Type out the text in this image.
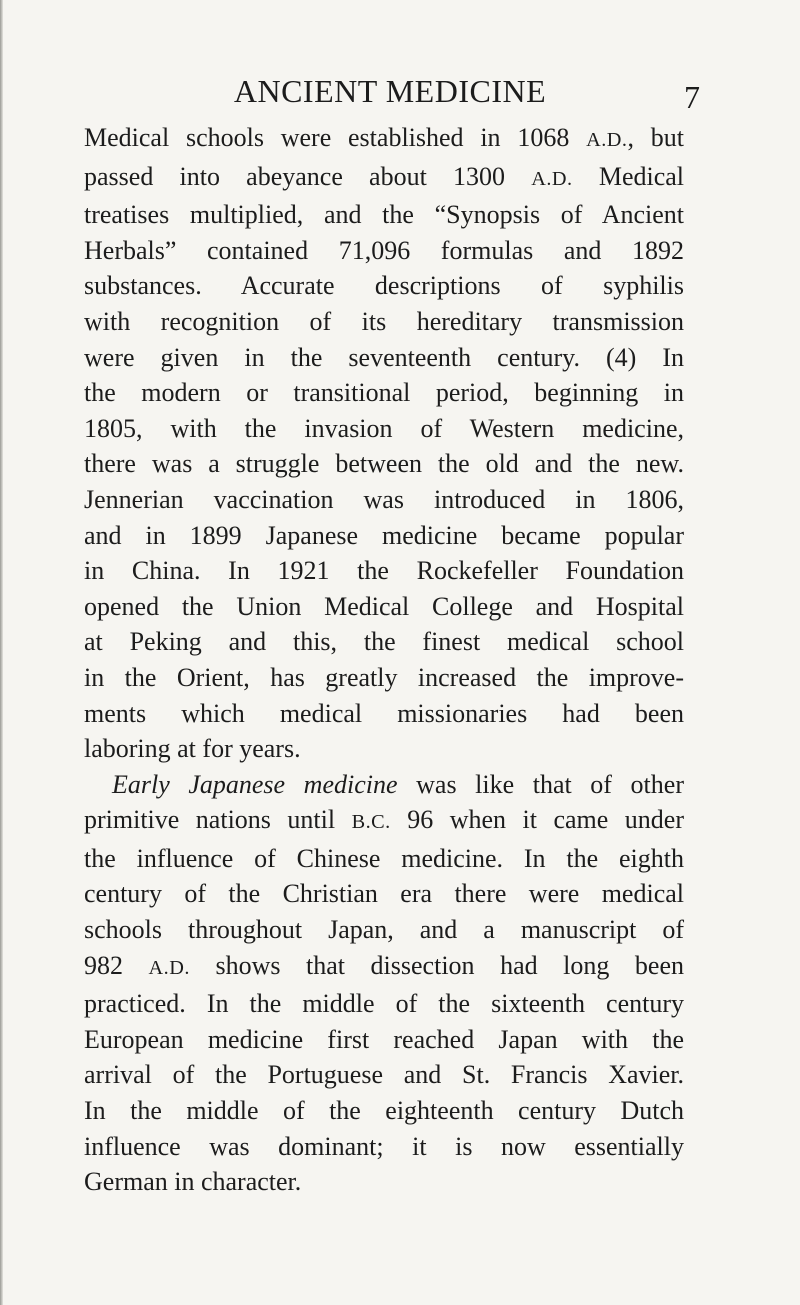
ANCIENT MEDICINE	7
Medical schools were established in 1068 A.D., but
passed into abeyance about 1300 A.D. Medical
treatises multiplied, and the “Synopsis of Ancient
Herbals” contained 71,096 formulas and 1892
substances. Accurate descriptions of syphilis
with recognition of its hereditary transmission
were given in the seventeenth century. (4) In
the modern or transitional period, beginning in
1805, with the invasion of Western medicine,
there was a struggle between the old and the new.
Jennerian vaccination was introduced in 1806,
and in 1899 Japanese medicine became popular
in China. In 1921 the Rockefeller Foundation
opened the Union Medical College and Hospital
at Peking and this, the finest medical school
in the Orient, has greatly increased the improve-
ments which medical missionaries had been
laboring at for years.
Early Japanese medicine was like that of other
primitive nations until B.C. 96 when it came under
the influence of Chinese medicine. In the eighth
century of the Christian era there were medical
schools throughout Japan, and a manuscript of
982 A.D. shows that dissection had long been
practiced. In the middle of the sixteenth century
European medicine first reached Japan with the
arrival of the Portuguese and St. Francis Xavier.
In the middle of the eighteenth century Dutch
influence was dominant; it is now essentially
German in character.
